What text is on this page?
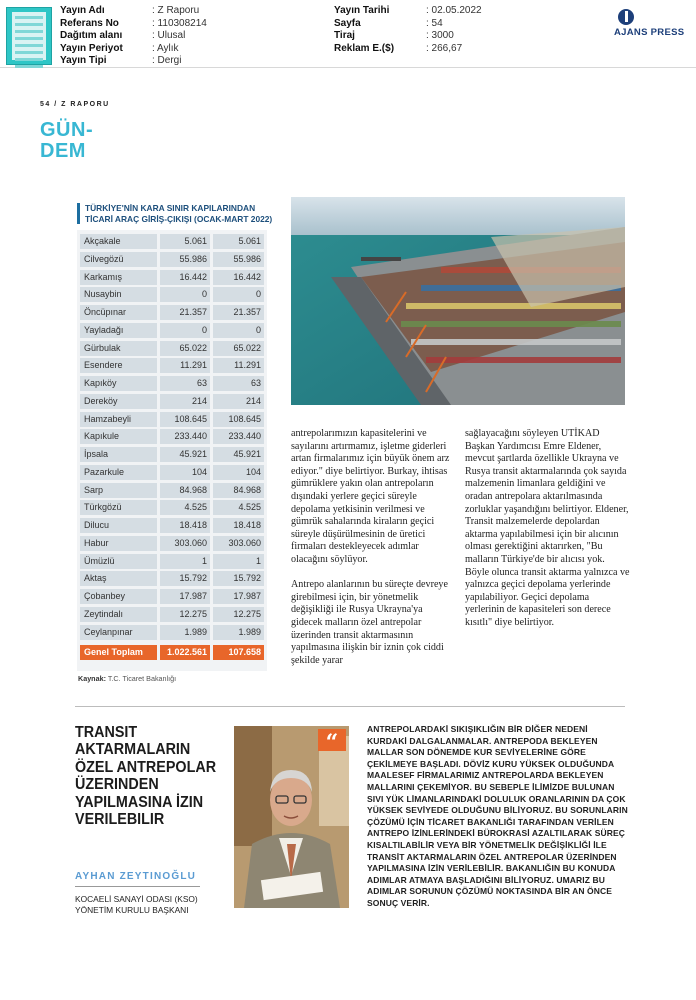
Yayın Adı	: Z Raporu
Referans No	: 110308214
Dağıtım alanı	: Ulusal
Yayın Periyot	: Aylık
Yayın Tipi	: Dergi
Yayın Tarihi	: 02.05.2022
Sayfa	: 54
Tiraj	: 3000
Reklam E.($)	: 266,67
AJANS PRESS
54 / Z RAPORU
GÜN-
DEM
TÜRKİYE'NİN KARA SINIR KAPILARINDAN TİCARİ ARAÇ GİRİŞ-ÇIKIŞI (OCAK-MART 2022)
Akçakale	5.061	5.061
Cilvegözü	55.986	55.986
Karkamış	16.442	16.442
Nusaybin	0	0
Öncüpınar	21.357	21.357
Yayladağı	0	0
Gürbulak	65.022	65.022
Esendere	11.291	11.291
Kapıköy	63	63
Dereköy	214	214
Hamzabeyli	108.645	108.645
Kapıkule	233.440	233.440
İpsala	45.921	45.921
Pazarkule	104	104
Sarp	84.968	84.968
Türkgözü	4.525	4.525
Dilucu	18.418	18.418
Habur	303.060	303.060
Ümüzlü	1	1
Aktaş	15.792	15.792
Çobanbey	17.987	17.987
Zeytindalı	12.275	12.275
Ceylanpınar	1.989	1.989
Genel Toplam	1.022.561	107.658
Kaynak: T.C. Ticaret Bakanlığı

antrepolarımızın kapasitelerini ve sayılarını artırmamız, işletme giderleri artan firmalarımız için büyük önem arz ediyor." diye belirtiyor. Burkay, ihtisas gümrüklere yakın olan antrepoların dışındaki yerlere geçici süreyle depolama yetkisinin verilmesi ve gümrük sahalarında kiraların geçici süreyle düşürülmesinin de üretici firmaları destekleyecek adımlar olacağını söylüyor.

Antrepo alanlarının bu süreçte devreye girebilmesi için, bir yönetmelik değişikliği ile Rusya Ukrayna'ya gidecek malların özel antrepolar üzerinden transit aktarmasının yapılmasına ilişkin bir iznin çok ciddi şekilde yarar

sağlayacağını söyleyen UTİKAD Başkan Yardımcısı Emre Eldener, mevcut şartlarda özellikle Ukrayna ve Rusya transit aktarmalarında çok sayıda malzemenin limanlara geldiğini ve oradan antrepolara aktarılmasında zorluklar yaşandığını belirtiyor. Eldener, Transit malzemelerde depolardan aktarma yapılabilmesi için bir alıcının olması gerektiğini aktarırken, "Bu malların Türkiye'de bir alıcısı yok. Böyle olunca transit aktarma yalnızca ve yalnızca geçici depolama yerlerinde yapılabiliyor. Geçici depolama yerlerinin de kapasiteleri son derece kısıtlı" diye belirtiyor.

TRANSIT AKTARMALARIN ÖZEL ANTREPOLAR ÜZERINDEN YAPILMASINA İZIN VERILEBILIR
AYHAN ZEYTINOĞLU
KOCAELİ SANAYİ ODASI (KSO)
YÖNETİM KURULU BAŞKANI
“
ANTREPOLARDAKİ SIKIŞIKLIĞIN BİR DİĞER NEDENİ KURDAKİ DALGALANMALAR. ANTREPODA BEKLEYEN MALLAR SON DÖNEMDE KUR SEVİYELERİNE GÖRE ÇEKİLMEYE BAŞLADI. DÖVİZ KURU YÜKSEK OLDUĞUNDA MAALESEF FİRMALARIMIZ ANTREPOLARDA BEKLEYEN MALLARINI ÇEKEMİYOR. BU SEBEPLE İLİMİZDE BULUNAN SIVI YÜK LİMANLARINDAKİ DOLULUK ORANLARININ DA ÇOK YÜKSEK SEVİYEDE OLDUĞUNU BİLİYORUZ. BU SORUNLARIN ÇÖZÜMÜ İÇİN TİCARET BAKANLIĞI TARAFINDAN VERİLEN ANTREPO İZİNLERİNDEKİ BÜROKRASİ AZALTILARAK SÜREÇ KISALTILABİLİR VEYA BİR YÖNETMELİK DEĞİŞİKLİĞİ İLE TRANSİT AKTARMALARIN ÖZEL ANTREPOLAR ÜZERİNDEN YAPILMASINA İZİN VERİLEBİLİR. BAKANLIĞIN BU KONUDA ADIMLAR ATMAYA BAŞLADIĞINI BİLİYORUZ. UMARIZ BU ADIMLAR SORUNUN ÇÖZÜMÜ NOKTASINDA BİR AN ÖNCE SONUÇ VERİR.
